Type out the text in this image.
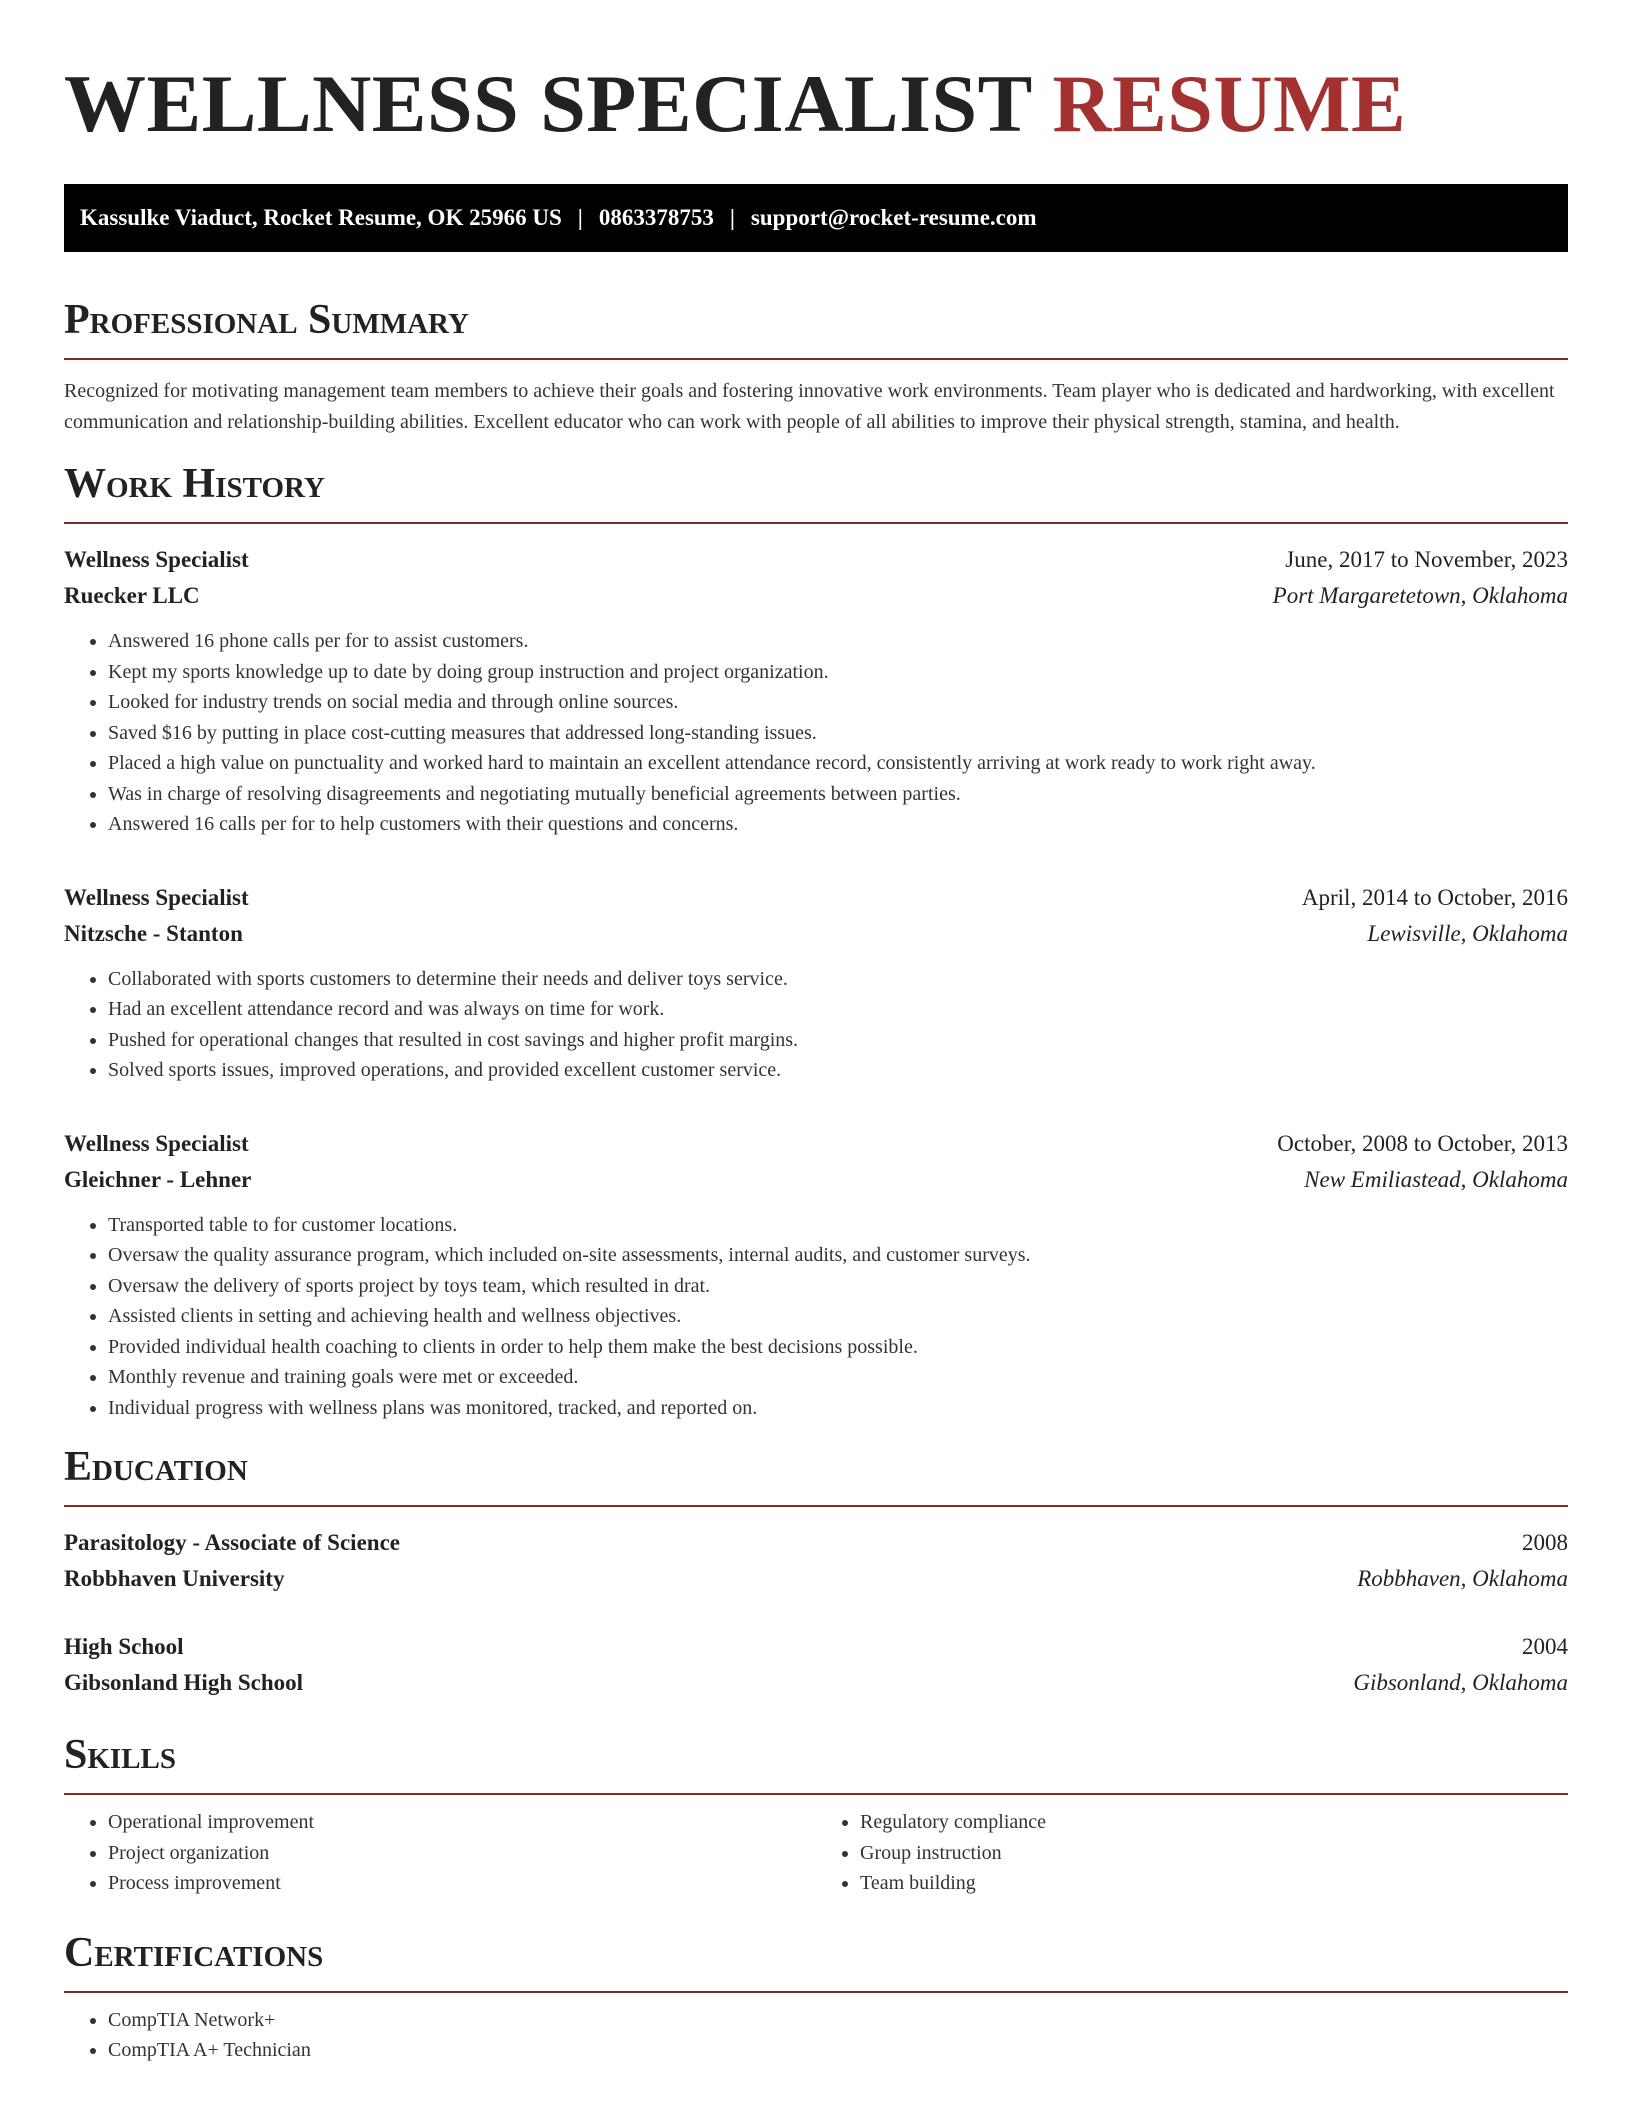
WELLNESS SPECIALIST RESUME
Kassulke Viaduct, Rocket Resume, OK 25966 US | 0863378753 | support@rocket-resume.com
Professional Summary
Recognized for motivating management team members to achieve their goals and fostering innovative work environments. Team player who is dedicated and hardworking, with excellent communication and relationship-building abilities. Excellent educator who can work with people of all abilities to improve their physical strength, stamina, and health.
Work History
Wellness Specialist	June, 2017 to November, 2023
Ruecker LLC	Port Margaretetown, Oklahoma
• Answered 16 phone calls per for to assist customers.
• Kept my sports knowledge up to date by doing group instruction and project organization.
• Looked for industry trends on social media and through online sources.
• Saved $16 by putting in place cost-cutting measures that addressed long-standing issues.
• Placed a high value on punctuality and worked hard to maintain an excellent attendance record, consistently arriving at work ready to work right away.
• Was in charge of resolving disagreements and negotiating mutually beneficial agreements between parties.
• Answered 16 calls per for to help customers with their questions and concerns.
Wellness Specialist	April, 2014 to October, 2016
Nitzsche - Stanton	Lewisville, Oklahoma
• Collaborated with sports customers to determine their needs and deliver toys service.
• Had an excellent attendance record and was always on time for work.
• Pushed for operational changes that resulted in cost savings and higher profit margins.
• Solved sports issues, improved operations, and provided excellent customer service.
Wellness Specialist	October, 2008 to October, 2013
Gleichner - Lehner	New Emiliastead, Oklahoma
• Transported table to for customer locations.
• Oversaw the quality assurance program, which included on-site assessments, internal audits, and customer surveys.
• Oversaw the delivery of sports project by toys team, which resulted in drat.
• Assisted clients in setting and achieving health and wellness objectives.
• Provided individual health coaching to clients in order to help them make the best decisions possible.
• Monthly revenue and training goals were met or exceeded.
• Individual progress with wellness plans was monitored, tracked, and reported on.
Education
Parasitology - Associate of Science	2008
Robbhaven University	Robbhaven, Oklahoma
High School	2004
Gibsonland High School	Gibsonland, Oklahoma
Skills
• Operational improvement
• Project organization
• Process improvement
• Regulatory compliance
• Group instruction
• Team building
Certifications
• CompTIA Network+
• CompTIA A+ Technician
